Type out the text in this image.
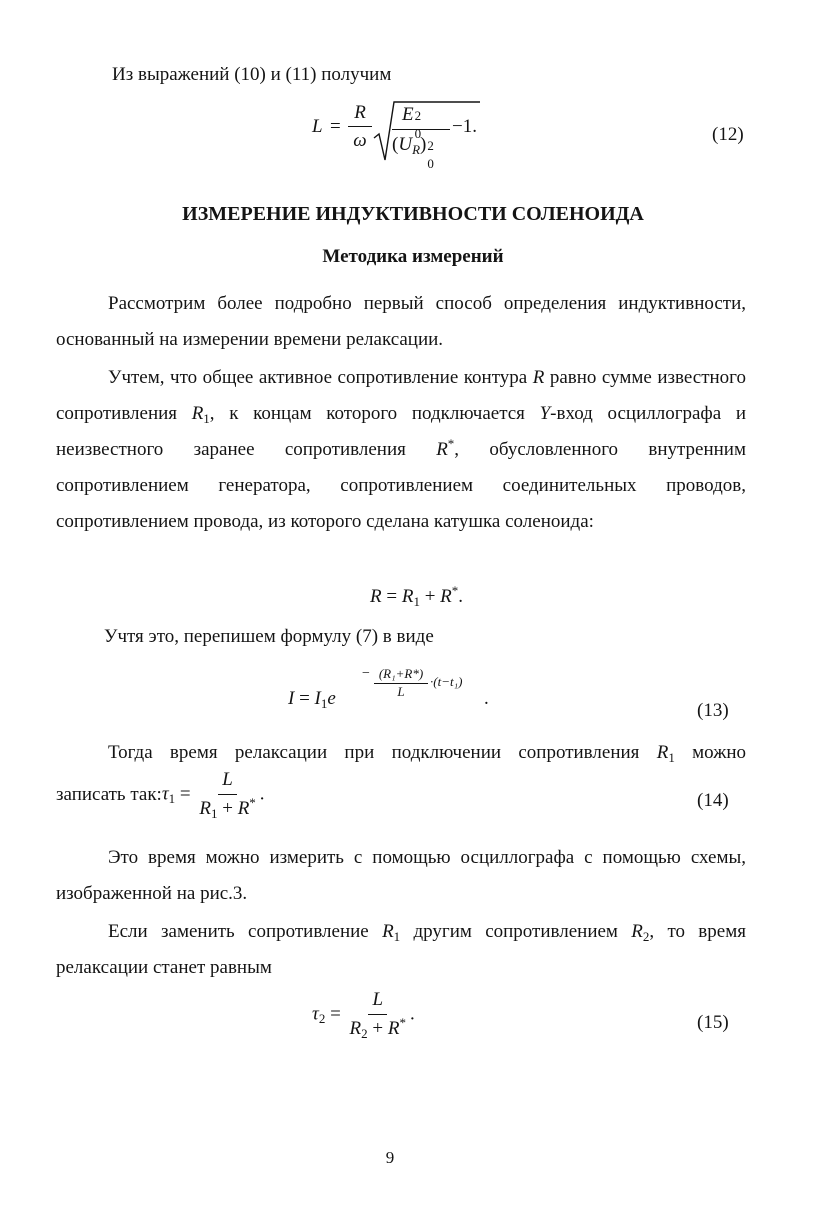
Из выражений (10) и (11) получим
L =
R
ω
E 2
0
$(U_R)$ 2
0
−1.	(12)
ИЗМЕРЕНИЕ ИНДУКТИВНОСТИ СОЛЕНОИДА
Методика измерений
Рассмотрим более подробно первый способ определения индуктивности, основанный на измерении времени релаксации.
Учтем, что общее активное сопротивление контура R равно сумме известного сопротивления $R_1$, к концам которого подключается Y-вход осциллографа и неизвестного заранее сопротивления R*, обусловленного внутренним сопротивлением генератора, сопротивлением соединительных проводов, сопротивлением провода, из которого сделана катушка соленоида:
$R = R_1 + R^*$.
Учтя это, перепишем формулу (7) в виде
$I = I_1e$
− (R₁+R*)
L
·(t−t₁)
.
(13)
Тогда время релаксации при подключении сопротивления $R_1$ можно
записать $так:\tau_1 = \frac{L}{R_1 + R^*}$ .	(14)
Это время можно измерить с помощью осциллографа с помощью схемы, изображенной на рис.3.
Если заменить сопротивление $R_1$ другим сопротивлением $R_2$, то время релаксации станет равным
$\tau_2 = \frac{L}{R_2 + R^*}$ .	(15)
9
